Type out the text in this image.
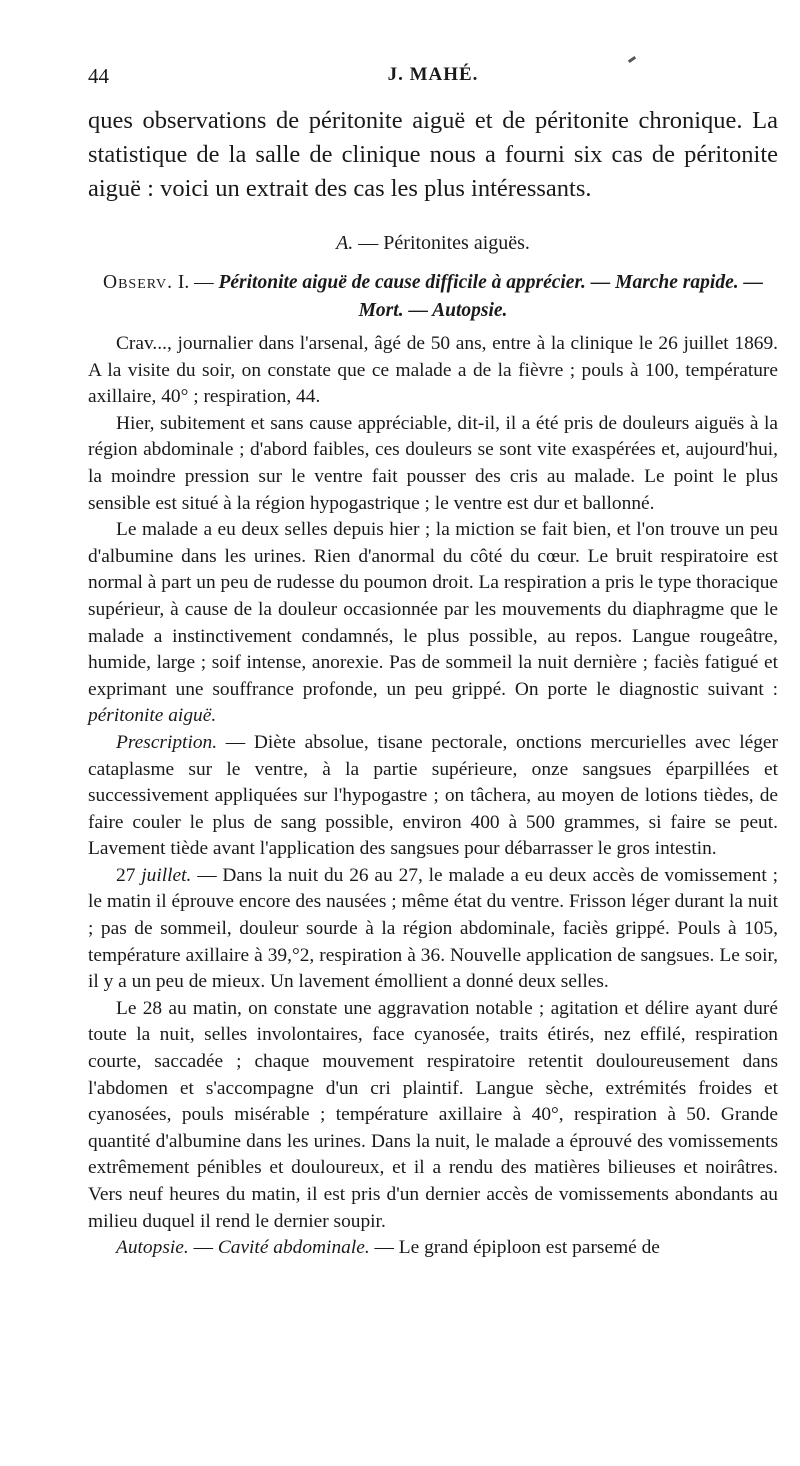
44	J. MAHÉ.

ques observations de péritonite aiguë et de péritonite chronique. La statistique de la salle de clinique nous a fourni six cas de péritonite aiguë : voici un extrait des cas les plus intéressants.

A. — Péritonites aiguës.
Observ. I. — Péritonite aiguë de cause difficile à apprécier. — Marche rapide. — Mort. — Autopsie.

Crav..., journalier dans l'arsenal, âgé de 50 ans, entre à la clinique le 26 juillet 1869. A la visite du soir, on constate que ce malade a de la fièvre ; pouls à 100, température axillaire, 40° ; respiration, 44.

Hier, subitement et sans cause appréciable, dit-il, il a été pris de douleurs aiguës à la région abdominale ; d'abord faibles, ces douleurs se sont vite exaspérées et, aujourd'hui, la moindre pression sur le ventre fait pousser des cris au malade. Le point le plus sensible est situé à la région hypogastrique ; le ventre est dur et ballonné.

Le malade a eu deux selles depuis hier ; la miction se fait bien, et l'on trouve un peu d'albumine dans les urines. Rien d'anormal du côté du cœur. Le bruit respiratoire est normal à part un peu de rudesse du poumon droit. La respiration a pris le type thoracique supérieur, à cause de la douleur occasionnée par les mouvements du diaphragme que le malade a instinctivement condamnés, le plus possible, au repos. Langue rougeâtre, humide, large ; soif intense, anorexie. Pas de sommeil la nuit dernière ; faciès fatigué et exprimant une souffrance profonde, un peu grippé. On porte le diagnostic suivant : péritonite aiguë.

Prescription. — Diète absolue, tisane pectorale, onctions mercurielles avec léger cataplasme sur le ventre, à la partie supérieure, onze sangsues éparpillées et successivement appliquées sur l'hypogastre ; on tâchera, au moyen de lotions tièdes, de faire couler le plus de sang possible, environ 400 à 500 grammes, si faire se peut. Lavement tiède avant l'application des sangsues pour débarrasser le gros intestin.

27 juillet. — Dans la nuit du 26 au 27, le malade a eu deux accès de vomissement ; le matin il éprouve encore des nausées ; même état du ventre. Frisson léger durant la nuit ; pas de sommeil, douleur sourde à la région abdominale, faciès grippé. Pouls à 105, température axillaire à 39,°2, respiration à 36. Nouvelle application de sangsues. Le soir, il y a un peu de mieux. Un lavement émollient a donné deux selles.

Le 28 au matin, on constate une aggravation notable ; agitation et délire ayant duré toute la nuit, selles involontaires, face cyanosée, traits étirés, nez effilé, respiration courte, saccadée ; chaque mouvement respiratoire retentit douloureusement dans l'abdomen et s'accompagne d'un cri plaintif. Langue sèche, extrémités froides et cyanosées, pouls misérable ; température axillaire à 40°, respiration à 50. Grande quantité d'albumine dans les urines. Dans la nuit, le malade a éprouvé des vomissements extrêmement pénibles et douloureux, et il a rendu des matières bilieuses et noirâtres. Vers neuf heures du matin, il est pris d'un dernier accès de vomissements abondants au milieu duquel il rend le dernier soupir.

Autopsie. — Cavité abdominale. — Le grand épiploon est parsemé de
